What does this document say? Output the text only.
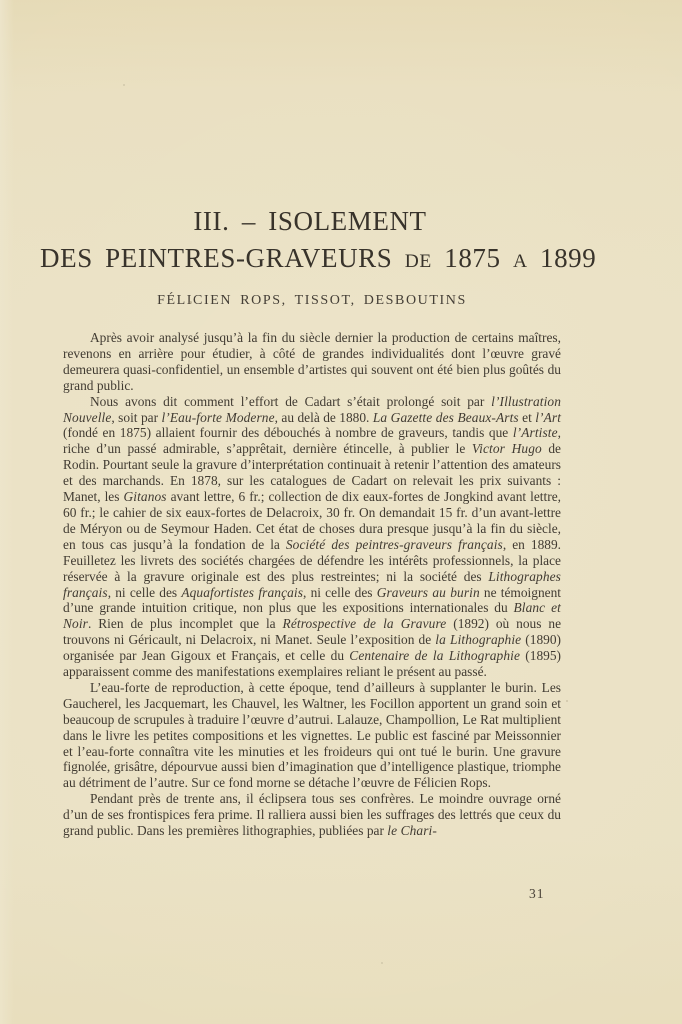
III. – ISOLEMENT
DES PEINTRES-GRAVEURS DE 1875 A 1899
FÉLICIEN ROPS, TISSOT, DESBOUTINS

Après avoir analysé jusqu’à la fin du siècle dernier la production de certains maîtres, revenons en arrière pour étudier, à côté de grandes individualités dont l’œuvre gravé demeurera quasi-confidentiel, un ensemble d’artistes qui souvent ont été bien plus goûtés du grand public.

Nous avons dit comment l’effort de Cadart s’était prolongé soit par l’Illustration Nouvelle, soit par l’Eau-forte Moderne, au delà de 1880. La Gazette des Beaux-Arts et l’Art (fondé en 1875) allaient fournir des débouchés à nombre de graveurs, tandis que l’Artiste, riche d’un passé admirable, s’apprêtait, dernière étincelle, à publier le Victor Hugo de Rodin. Pourtant seule la gravure d’interprétation continuait à retenir l’attention des amateurs et des marchands. En 1878, sur les catalogues de Cadart on relevait les prix suivants : Manet, les Gitanos avant lettre, 6 fr.; collection de dix eaux-fortes de Jongkind avant lettre, 60 fr.; le cahier de six eaux-fortes de Delacroix, 30 fr. On demandait 15 fr. d’un avant-lettre de Méryon ou de Seymour Haden. Cet état de choses dura presque jusqu’à la fin du siècle, en tous cas jusqu’à la fondation de la Société des peintres-graveurs français, en 1889. Feuilletez les livrets des sociétés chargées de défendre les intérêts professionnels, la place réservée à la gravure originale est des plus restreintes; ni la société des Lithographes français, ni celle des Aquafortistes français, ni celle des Graveurs au burin ne témoignent d’une grande intuition critique, non plus que les expositions internationales du Blanc et Noir. Rien de plus incomplet que la Rétrospective de la Gravure (1892) où nous ne trouvons ni Géricault, ni Delacroix, ni Manet. Seule l’exposition de la Lithographie (1890) organisée par Jean Gigoux et Français, et celle du Centenaire de la Lithographie (1895) apparaissent comme des manifestations exemplaires reliant le présent au passé.

L’eau-forte de reproduction, à cette époque, tend d’ailleurs à supplanter le burin. Les Gaucherel, les Jacquemart, les Chauvel, les Waltner, les Focillon apportent un grand soin et beaucoup de scrupules à traduire l’œuvre d’autrui. Lalauze, Champollion, Le Rat multiplient dans le livre les petites compositions et les vignettes. Le public est fasciné par Meissonnier et l’eau-forte connaîtra vite les minuties et les froideurs qui ont tué le burin. Une gravure fignolée, grisâtre, dépourvue aussi bien d’imagination que d’intelligence plastique, triomphe au détriment de l’autre. Sur ce fond morne se détache l’œuvre de Félicien Rops.

Pendant près de trente ans, il éclipsera tous ses confrères. Le moindre ouvrage orné d’un de ses frontispices fera prime. Il ralliera aussi bien les suffrages des lettrés que ceux du grand public. Dans les premières lithographies, publiées par le Chari-

31
